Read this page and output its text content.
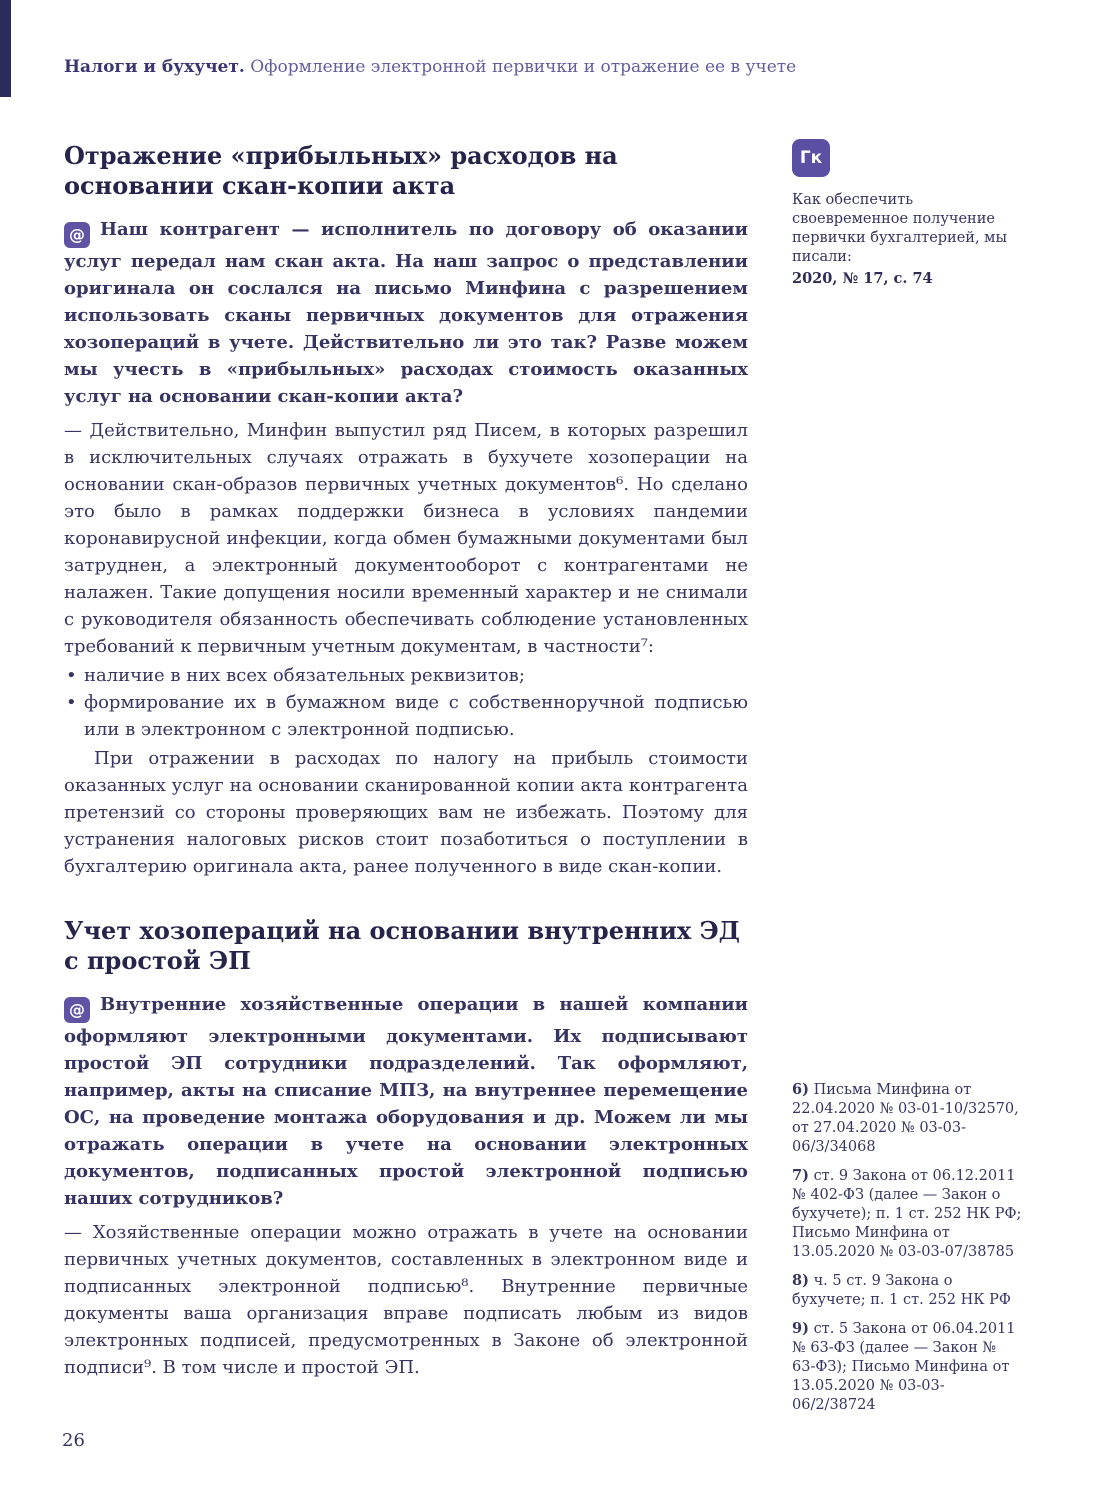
Налоги и бухучет. Оформление электронной первички и отражение ее в учете
Отражение «прибыльных» расходов на основании скан-копии акта

@ Наш контрагент — исполнитель по договору об оказании услуг передал нам скан акта. На наш запрос о представлении оригинала он сослался на письмо Минфина с разрешением использовать сканы первичных документов для отражения хозопераций в учете. Действительно ли это так? Разве можем мы учесть в «прибыльных» расходах стоимость оказанных услуг на основании скан-копии акта?

— Действительно, Минфин выпустил ряд Писем, в которых разрешил в исключительных случаях отражать в бухучете хозоперации на основании скан-образов первичных учетных документов⁶. Но сделано это было в рамках поддержки бизнеса в условиях пандемии коронавирусной инфекции, когда обмен бумажными документами был затруднен, а электронный документооборот с контрагентами не налажен. Такие допущения носили временный характер и не снимали с руководителя обязанность обеспечивать соблюдение установленных требований к первичным учетным документам, в частности⁷:

• наличие в них всех обязательных реквизитов;
• формирование их в бумажном виде с собственноручной подписью или в электронном с электронной подписью.

При отражении в расходах по налогу на прибыль стоимости оказанных услуг на основании сканированной копии акта контрагента претензий со стороны проверяющих вам не избежать. Поэтому для устранения налоговых рисков стоит позаботиться о поступлении в бухгалтерию оригинала акта, ранее полученного в виде скан-копии.

Учет хозопераций на основании внутренних ЭД с простой ЭП

@ Внутренние хозяйственные операции в нашей компании оформляют электронными документами. Их подписывают простой ЭП сотрудники подразделений. Так оформляют, например, акты на списание МПЗ, на внутреннее перемещение ОС, на проведение монтажа оборудования и др. Можем ли мы отражать операции в учете на основании электронных документов, подписанных простой электронной подписью наших сотрудников?

— Хозяйственные операции можно отражать в учете на основании первичных учетных документов, составленных в электронном виде и подписанных электронной подписью⁸. Внутренние первичные документы ваша организация вправе подписать любым из видов электронных подписей, предусмотренных в Законе об электронной подписи⁹. В том числе и простой ЭП.

Гк
Как обеспечить своевременное получение первички бухгалтерией, мы писали:
2020, № 17, с. 74

6) Письма Минфина от 22.04.2020 № 03-01-10/32570, от 27.04.2020 № 03-03-06/3/34068

7) ст. 9 Закона от 06.12.2011 № 402-ФЗ (далее — Закон о бухучете); п. 1 ст. 252 НК РФ; Письмо Минфина от 13.05.2020 № 03-03-07/38785

8) ч. 5 ст. 9 Закона о бухучете; п. 1 ст. 252 НК РФ

9) ст. 5 Закона от 06.04.2011 № 63-ФЗ (далее — Закон № 63-ФЗ); Письмо Минфина от 13.05.2020 № 03-03-06/2/38724

26
